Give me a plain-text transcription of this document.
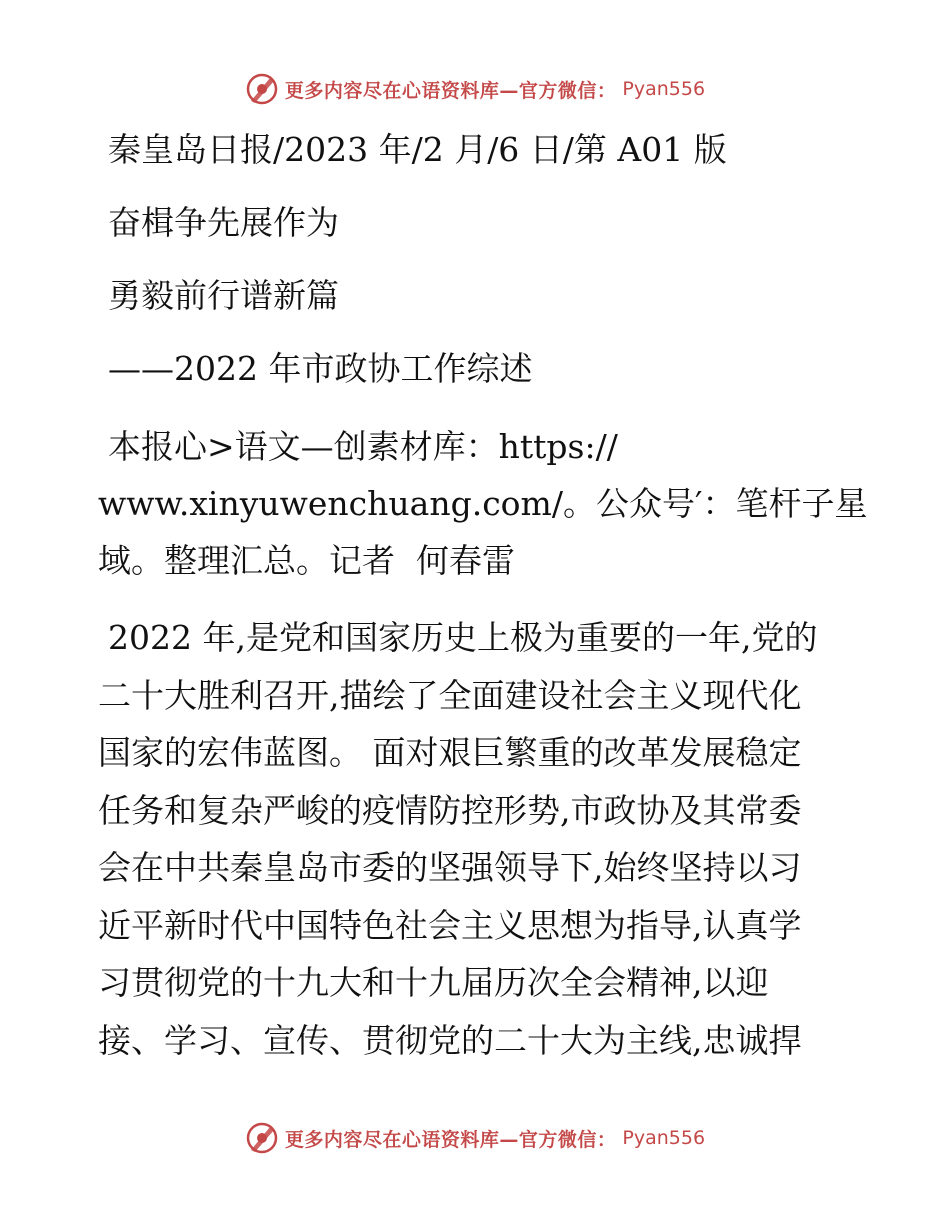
更多内容尽在心语资料库—官方微信： Pyan556
秦皇岛日报/2023 年/2 月/6 日/第 A01 版
奋楫争先展作为
勇毅前行谱新篇
——2022 年市政协工作综述
本报心>语文—创素材库：https://
www.xinyuwenchuang.com/。公众号′：笔杆子星
域。整理汇总。记者  何春雷
2022 年,是党和国家历史上极为重要的一年,党的
二十大胜利召开,描绘了全面建设社会主义现代化
国家的宏伟蓝图。 面对艰巨繁重的改革发展稳定
任务和复杂严峻的疫情防控形势,市政协及其常委
会在中共秦皇岛市委的坚强领导下,始终坚持以习
近平新时代中国特色社会主义思想为指导,认真学
习贯彻党的十九大和十九届历次全会精神,以迎
接、学习、宣传、贯彻党的二十大为主线,忠诚捍
更多内容尽在心语资料库—官方微信： Pyan556
